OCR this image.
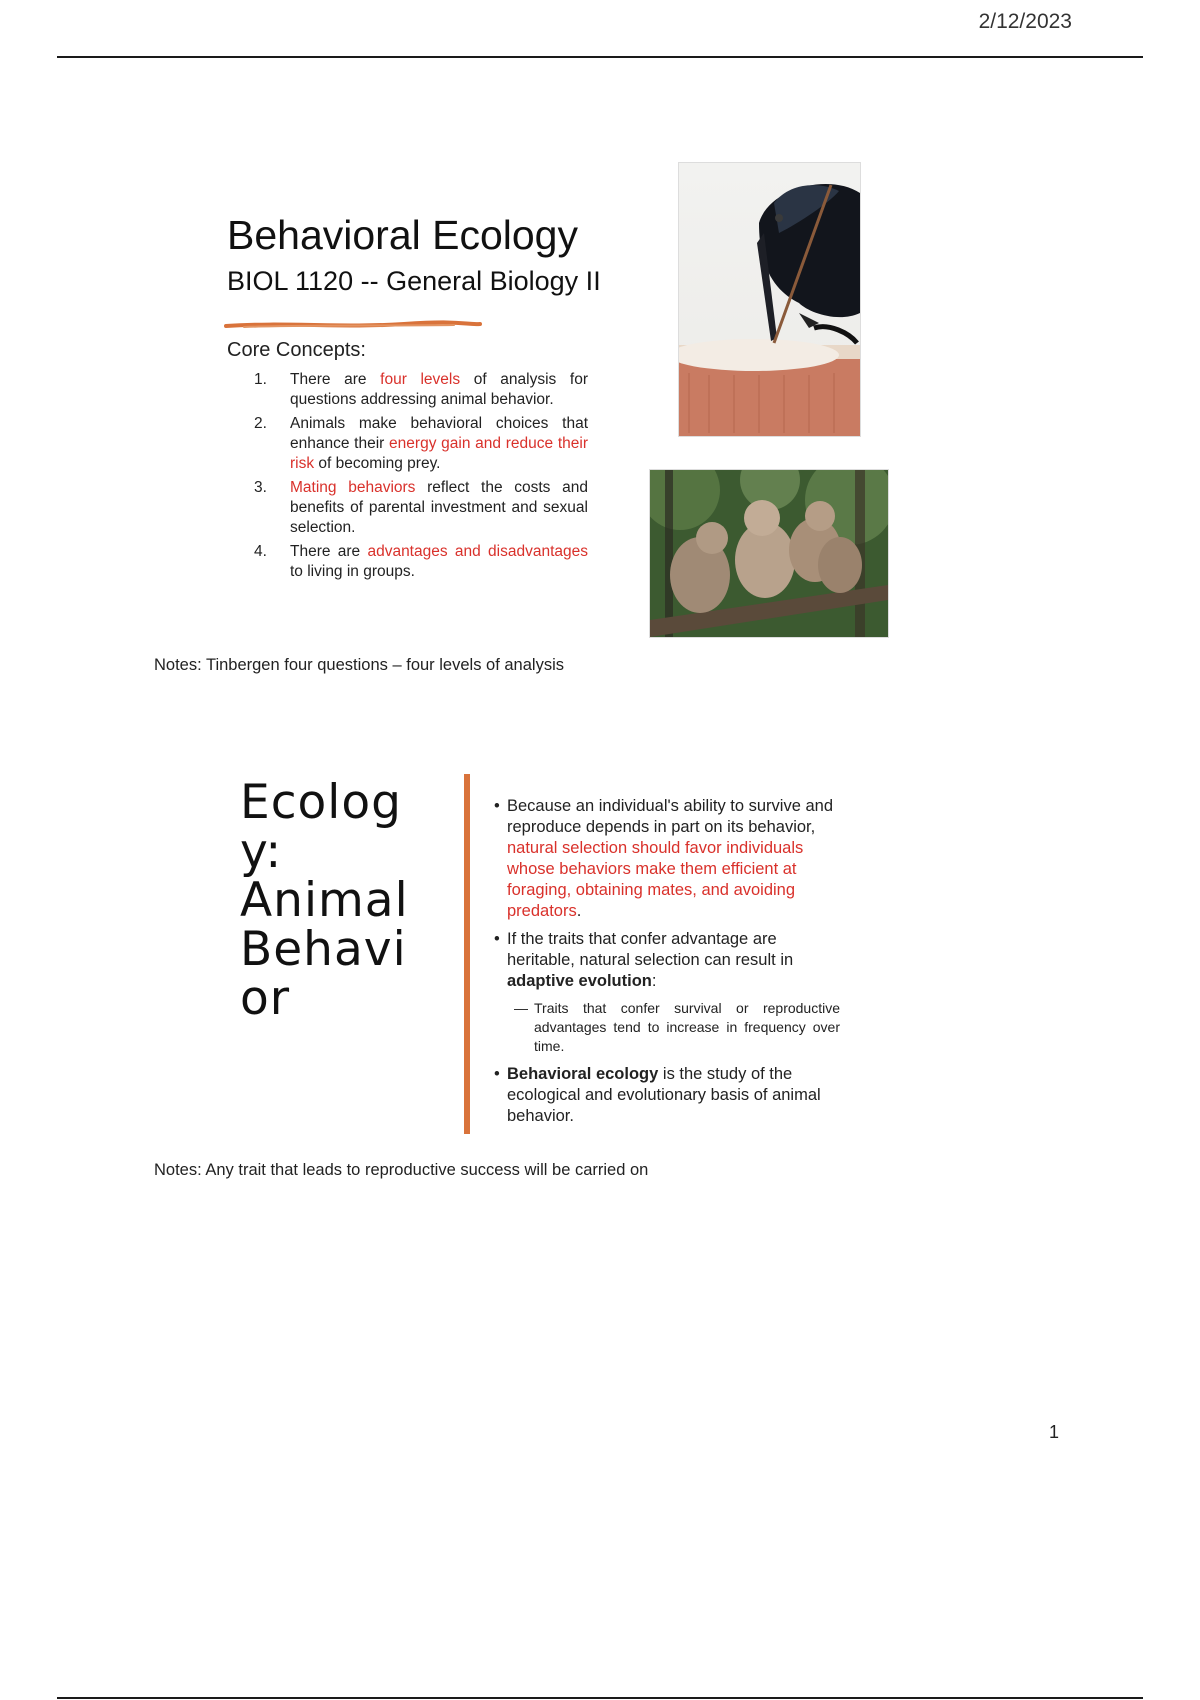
2/12/2023
Behavioral Ecology
BIOL 1120 -- General Biology II
Core Concepts:
1. There are four levels of analysis for questions addressing animal behavior.
2. Animals make behavioral choices that enhance their energy gain and reduce their risk of becoming prey.
3. Mating behaviors reflect the costs and benefits of parental investment and sexual selection.
4. There are advantages and disadvantages to living in groups.
Notes: Tinbergen four questions – four levels of analysis
Ecolog
y:
Animal
Behavi
or
• Because an individual's ability to survive and reproduce depends in part on its behavior, natural selection should favor individuals whose behaviors make them efficient at foraging, obtaining mates, and avoiding predators.
• If the traits that confer advantage are heritable, natural selection can result in adaptive evolution:
— Traits that confer survival or reproductive advantages tend to increase in frequency over time.
• Behavioral ecology is the study of the ecological and evolutionary basis of animal behavior.
Notes: Any trait that leads to reproductive success will be carried on
1
